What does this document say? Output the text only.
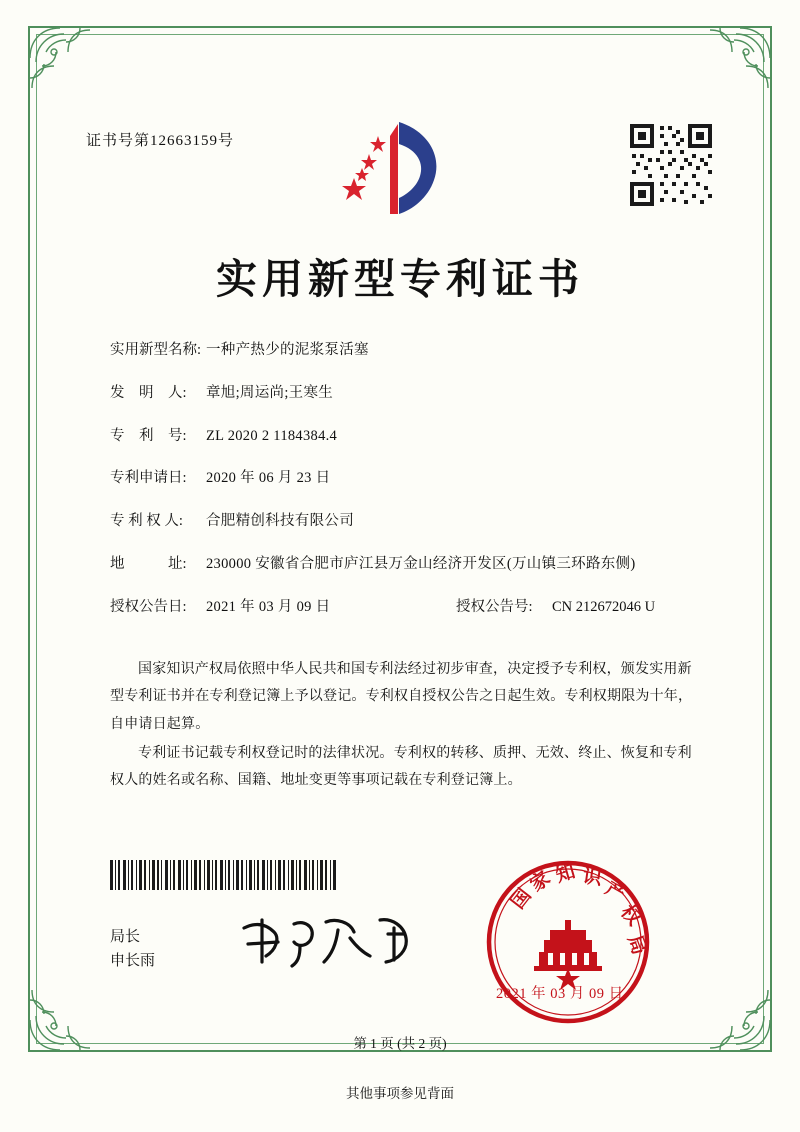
证书号第12663159号
实用新型专利证书
实用新型名称: 一种产热少的泥浆泵活塞
发　明　人:	章旭;周运尚;王寒生
专　利　号:	ZL 2020 2 1184384.4
专利申请日:	2020 年 06 月 23 日
专 利 权 人:	合肥精创科技有限公司
地　　　址:	230000 安徽省合肥市庐江县万金山经济开发区(万山镇三环路东侧)
授权公告日:	2021 年 03 月 09 日	授权公告号:	CN 212672046 U

国家知识产权局依照中华人民共和国专利法经过初步审查，决定授予专利权，颁发实用新型专利证书并在专利登记簿上予以登记。专利权自授权公告之日起生效。专利权期限为十年，自申请日起算。

专利证书记载专利权登记时的法律状况。专利权的转移、质押、无效、终止、恢复和专利权人的姓名或名称、国籍、地址变更等事项记载在专利登记簿上。

局长
申长雨
国
家
知 识
产
权
局
2021 年 03 月 09 日
第 1 页 (共 2 页)
其他事项参见背面
